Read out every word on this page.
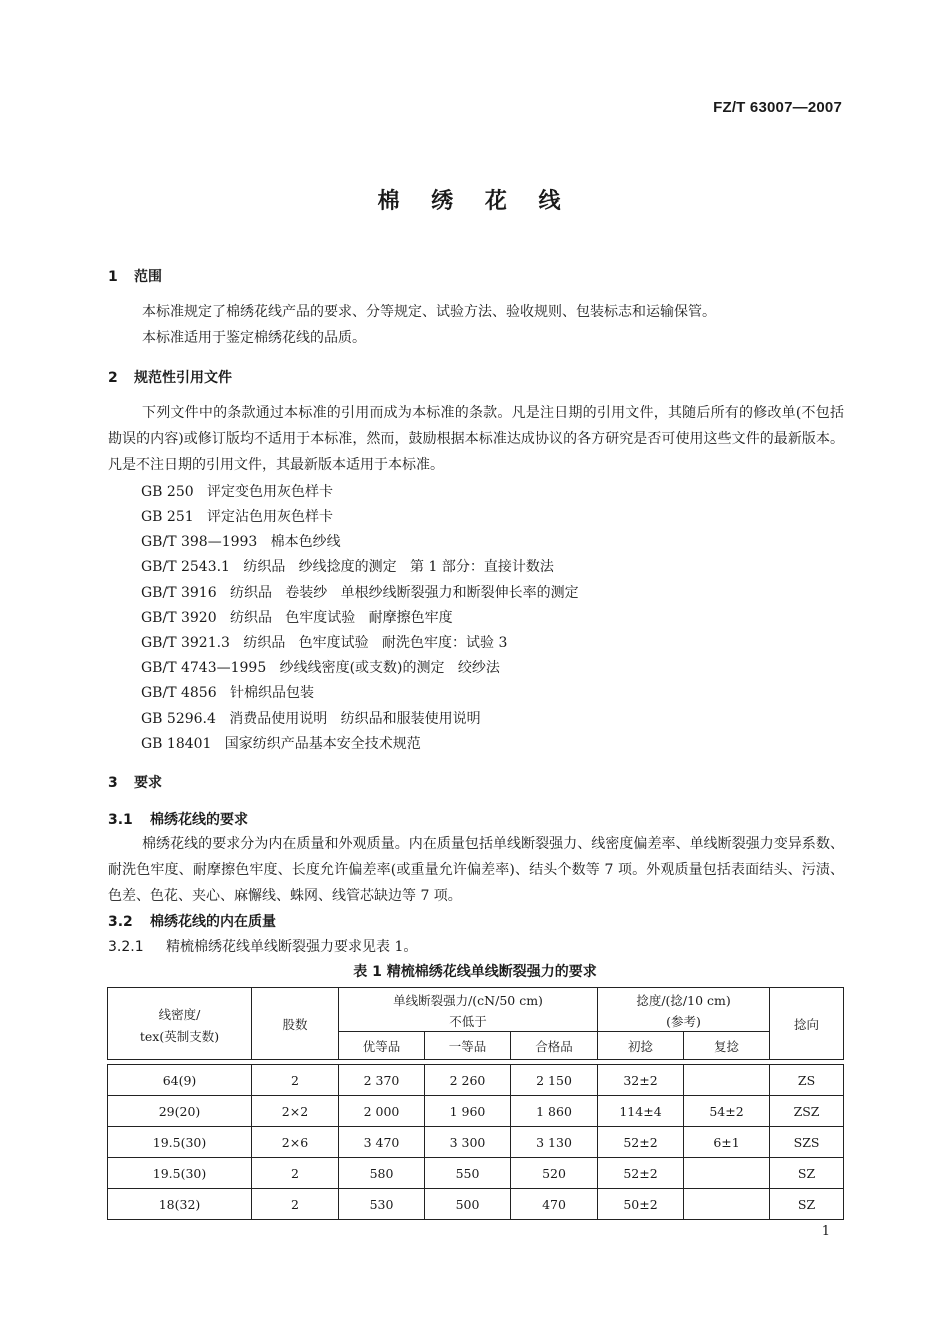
FZ/T 63007—2007
棉 绣 花 线
1 范围
本标准规定了棉绣花线产品的要求、分等规定、试验方法、验收规则、包装标志和运输保管。
本标准适用于鉴定棉绣花线的品质。
2 规范性引用文件
下列文件中的条款通过本标准的引用而成为本标准的条款。凡是注日期的引用文件，其随后所有的修改单(不包括勘误的内容)或修订版均不适用于本标准，然而，鼓励根据本标准达成协议的各方研究是否可使用这些文件的最新版本。凡是不注日期的引用文件，其最新版本适用于本标准。
GB 250   评定变色用灰色样卡
GB 251   评定沾色用灰色样卡
GB/T 398—1993   棉本色纱线
GB/T 2543.1   纺织品   纱线捻度的测定   第 1 部分：直接计数法
GB/T 3916   纺织品   卷装纱   单根纱线断裂强力和断裂伸长率的测定
GB/T 3920   纺织品   色牢度试验   耐摩擦色牢度
GB/T 3921.3   纺织品   色牢度试验   耐洗色牢度：试验 3
GB/T 4743—1995   纱线线密度(或支数)的测定   绞纱法
GB/T 4856   针棉织品包装
GB 5296.4   消费品使用说明   纺织品和服装使用说明
GB 18401   国家纺织产品基本安全技术规范
3 要求
3.1 棉绣花线的要求
棉绣花线的要求分为内在质量和外观质量。内在质量包括单线断裂强力、线密度偏差率、单线断裂强力变异系数、耐洗色牢度、耐摩擦色牢度、长度允许偏差率(或重量允许偏差率)、结头个数等 7 项。外观质量包括表面结头、污渍、色差、色花、夹心、麻懈线、蛛网、线管芯缺边等 7 项。
3.2 棉绣花线的内在质量
3.2.1 精梳棉绣花线单线断裂强力要求见表 1。
表 1 精梳棉绣花线单线断裂强力的要求
线密度/
tex(英制支数)	股数	单线断裂强力/(cN/50 cm)			捻度/(捻/10 cm)		捻向
		不低于			(参考)		
		优等品	一等品	合格品	初捻	复捻	

64(9)	2	2 370	2 260	2 150	32±2		ZS
29(20)	2×2	2 000	1 960	1 860	114±4	54±2	ZSZ
19.5(30)	2×6	3 470	3 300	3 130	52±2	6±1	SZS
19.5(30)	2	580	550	520	52±2		SZ
18(32)	2	530	500	470	50±2		SZ
1
